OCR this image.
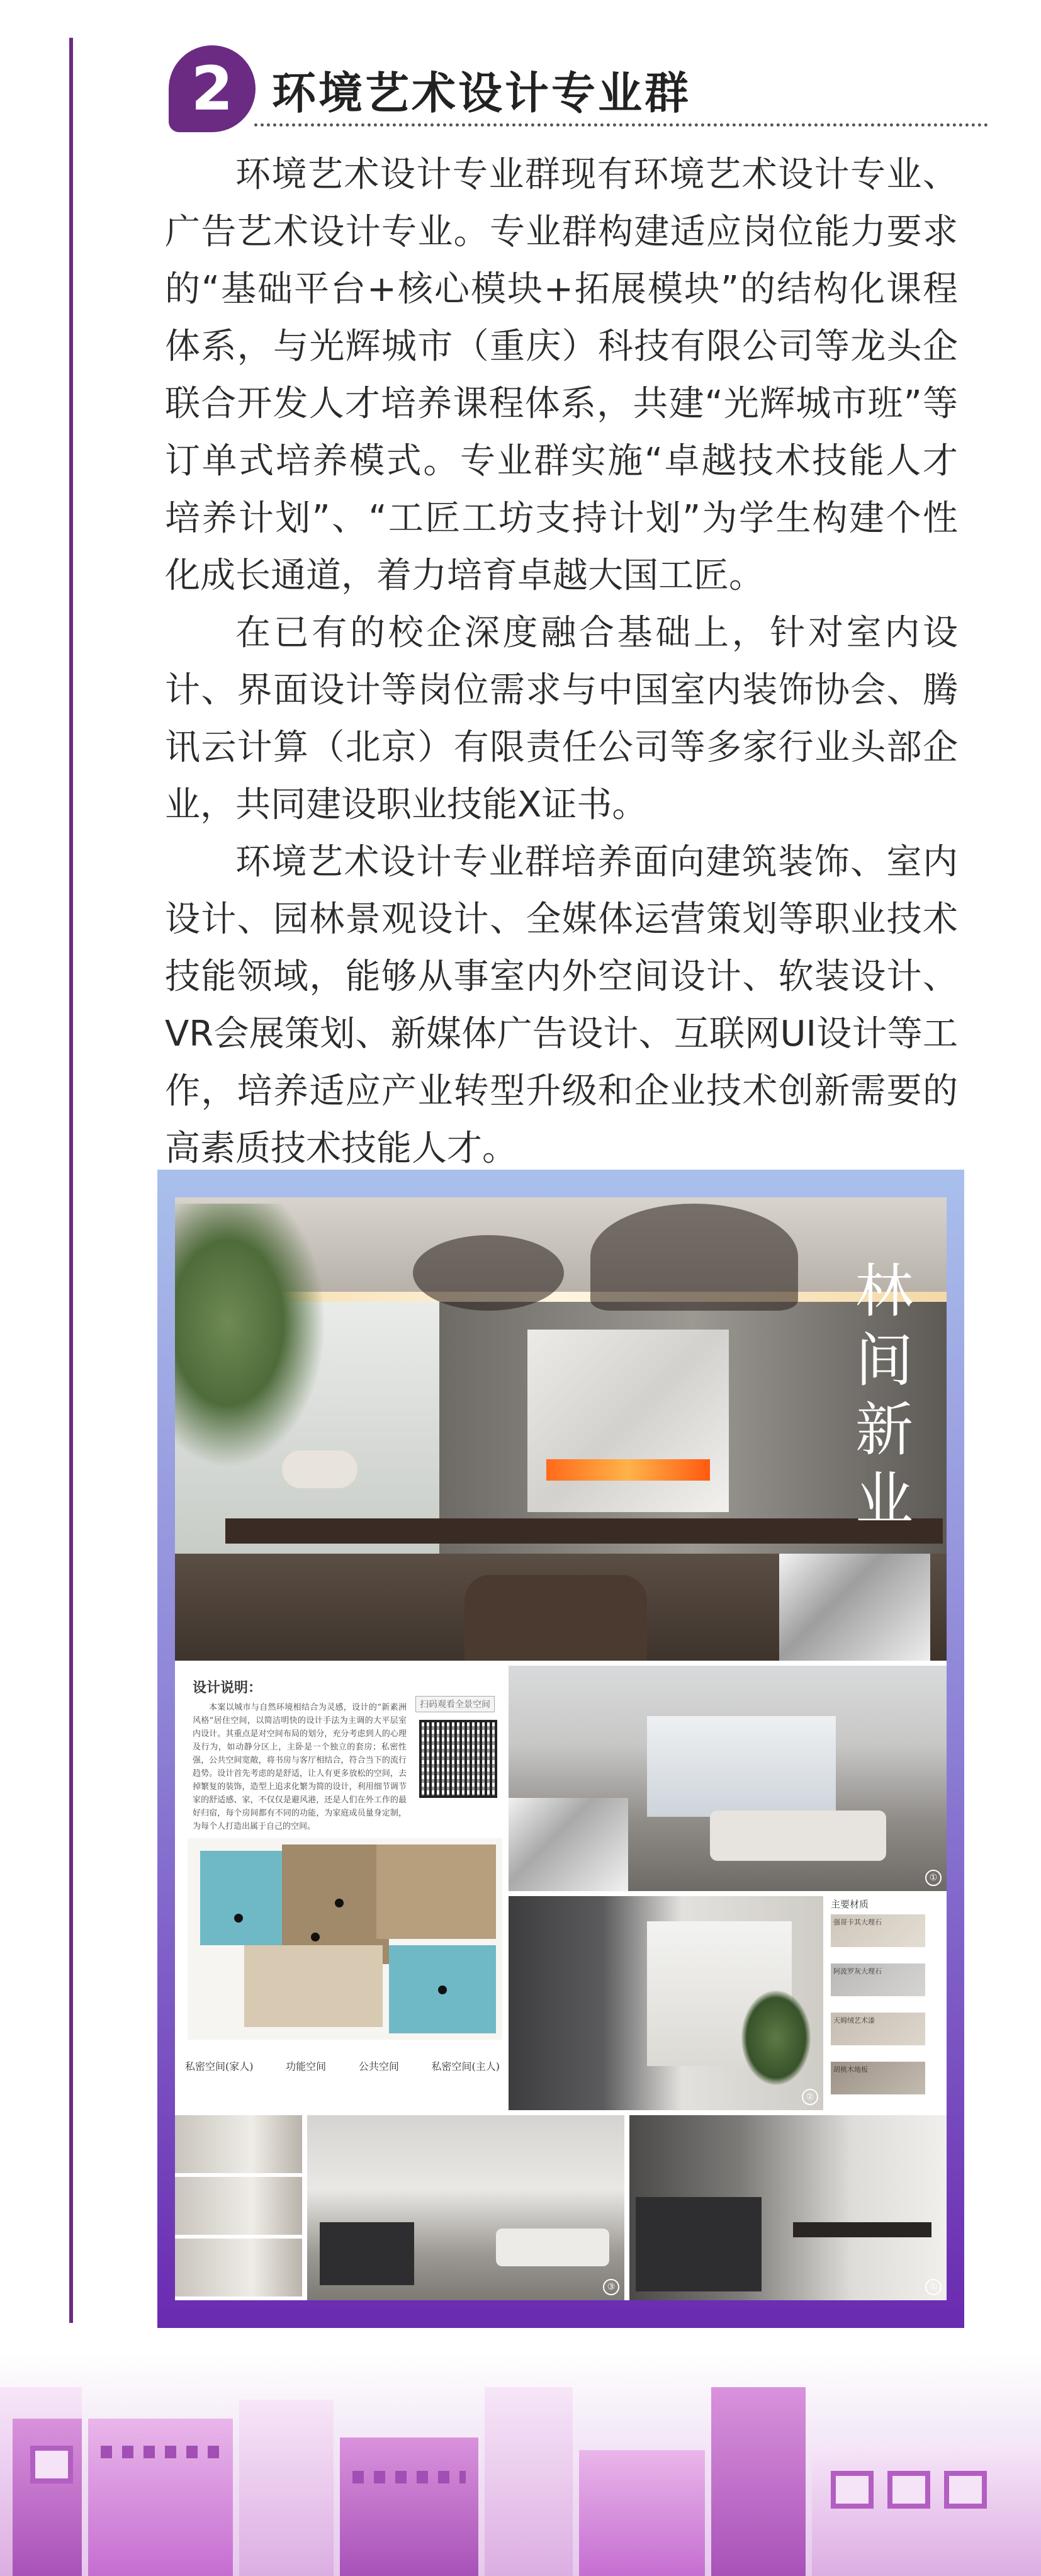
2 环境艺术设计专业群

环境艺术设计专业群现有环境艺术设计专业、广告艺术设计专业。专业群构建适应岗位能力要求的“基础平台+核心模块+拓展模块”的结构化课程体系，与光辉城市（重庆）科技有限公司等龙头企联合开发人才培养课程体系，共建“光辉城市班”等订单式培养模式。专业群实施“卓越技术技能人才培养计划”、“工匠工坊支持计划”为学生构建个性化成长通道，着力培育卓越大国工匠。

在已有的校企深度融合基础上，针对室内设计、界面设计等岗位需求与中国室内装饰协会、腾讯云计算（北京）有限责任公司等多家行业头部企业，共同建设职业技能X证书。

环境艺术设计专业群培养面向建筑装饰、室内设计、园林景观设计、全媒体运营策划等职业技术技能领域，能够从事室内外空间设计、软装设计、VR会展策划、新媒体广告设计、互联网UI设计等工作，培养适应产业转型升级和企业技术创新需要的高素质技术技能人才。

林
间
新
业
设计说明：
本案以城市与自然环境相结合为灵感，设计的“新素洲风格”居住空间，以简洁明快的设计手法为主调的大平层室内设计。其重点是对空间布局的划分，充分考虑到人的心理及行为，如动静分区上，主卧是一个独立的套房；私密性强，公共空间宽敞，将书房与客厅相结合，符合当下的流行趋势。设计首先考虑的是舒适，让人有更多放松的空间，去掉繁复的装饰，造型上追求化繁为简的设计，利用细节调节家的舒适感、家，不仅仅是避风港，还是人们在外工作的最好归宿，每个房间都有不同的功能，为家庭成员量身定制，为每个人打造出属于自己的空间。
扫码观看全景空间
私密空间(家人)	功能空间	公共空间	私密空间(主人)
①
②
主要材质
强哥卡其大理石
阿波罗灰大理石
天姆绒艺术漆
胡桃木地板
③	①
